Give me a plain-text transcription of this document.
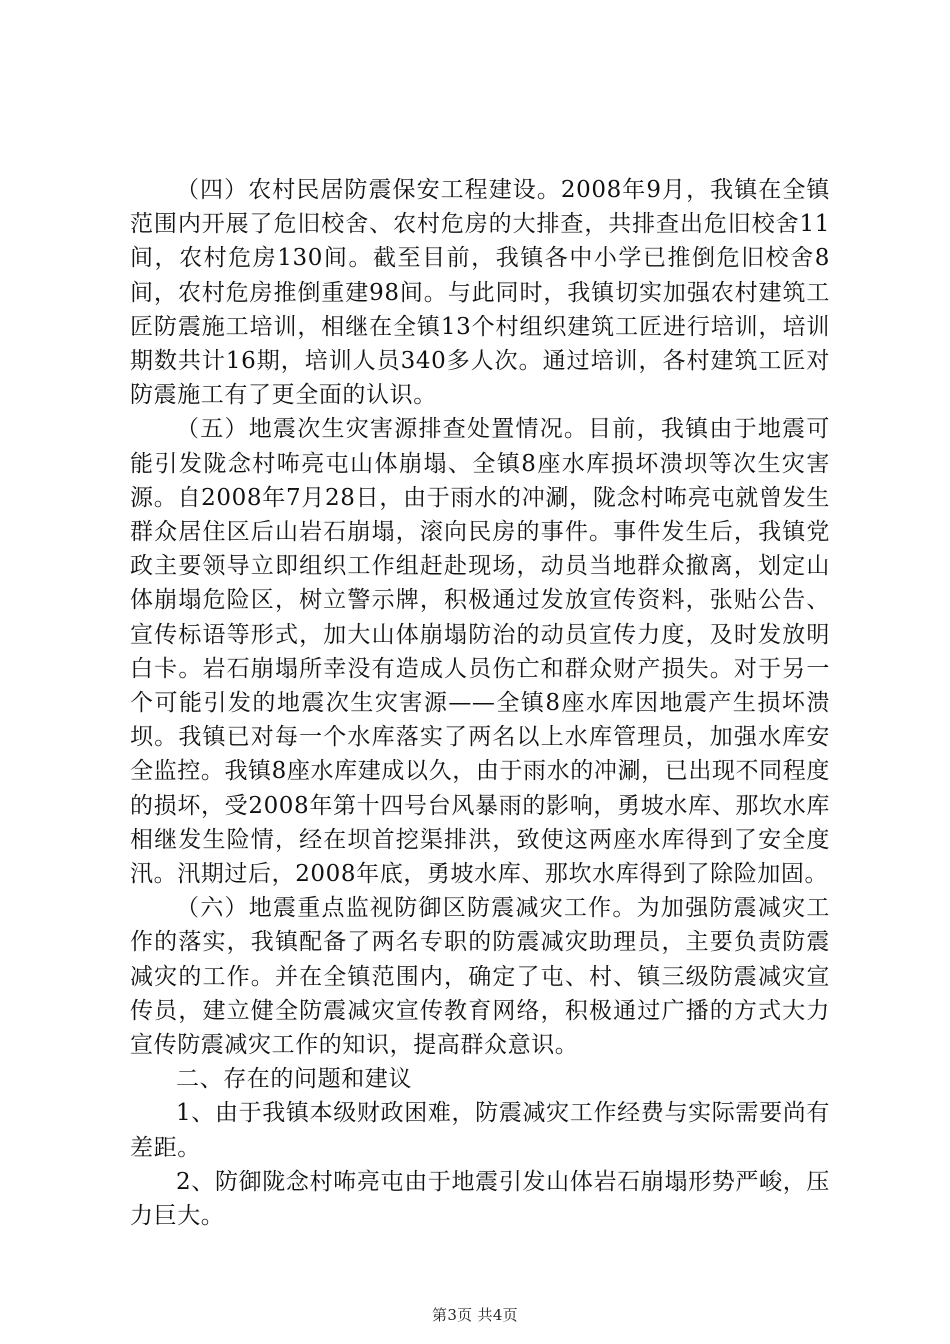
（四）农村民居防震保安工程建设。2008年9月，我镇在全镇范围内开展了危旧校舍、农村危房的大排查，共排查出危旧校舍11间，农村危房130间。截至目前，我镇各中小学已推倒危旧校舍8间，农村危房推倒重建98间。与此同时，我镇切实加强农村建筑工匠防震施工培训，相继在全镇13个村组织建筑工匠进行培训，培训期数共计16期，培训人员340多人次。通过培训，各村建筑工匠对防震施工有了更全面的认识。

（五）地震次生灾害源排查处置情况。目前，我镇由于地震可能引发陇念村咘亮屯山体崩塌、全镇8座水库损坏溃坝等次生灾害源。自2008年7月28日，由于雨水的冲涮，陇念村咘亮屯就曾发生群众居住区后山岩石崩塌，滚向民房的事件。事件发生后，我镇党政主要领导立即组织工作组赶赴现场，动员当地群众撤离，划定山体崩塌危险区，树立警示牌，积极通过发放宣传资料，张贴公告、宣传标语等形式，加大山体崩塌防治的动员宣传力度，及时发放明白卡。岩石崩塌所幸没有造成人员伤亡和群众财产损失。对于另一个可能引发的地震次生灾害源——全镇8座水库因地震产生损坏溃坝。我镇已对每一个水库落实了两名以上水库管理员，加强水库安全监控。我镇8座水库建成以久，由于雨水的冲涮，已出现不同程度的损坏，受2008年第十四号台风暴雨的影响，勇坡水库、那坎水库相继发生险情，经在坝首挖渠排洪，致使这两座水库得到了安全度汛。汛期过后，2008年底，勇坡水库、那坎水库得到了除险加固。

（六）地震重点监视防御区防震减灾工作。为加强防震减灾工作的落实，我镇配备了两名专职的防震减灾助理员，主要负责防震减灾的工作。并在全镇范围内，确定了屯、村、镇三级防震减灾宣传员，建立健全防震减灾宣传教育网络，积极通过广播的方式大力宣传防震减灾工作的知识，提高群众意识。

二、存在的问题和建议

1、由于我镇本级财政困难，防震减灾工作经费与实际需要尚有差距。

2、防御陇念村咘亮屯由于地震引发山体岩石崩塌形势严峻，压力巨大。

第3页 共4页
